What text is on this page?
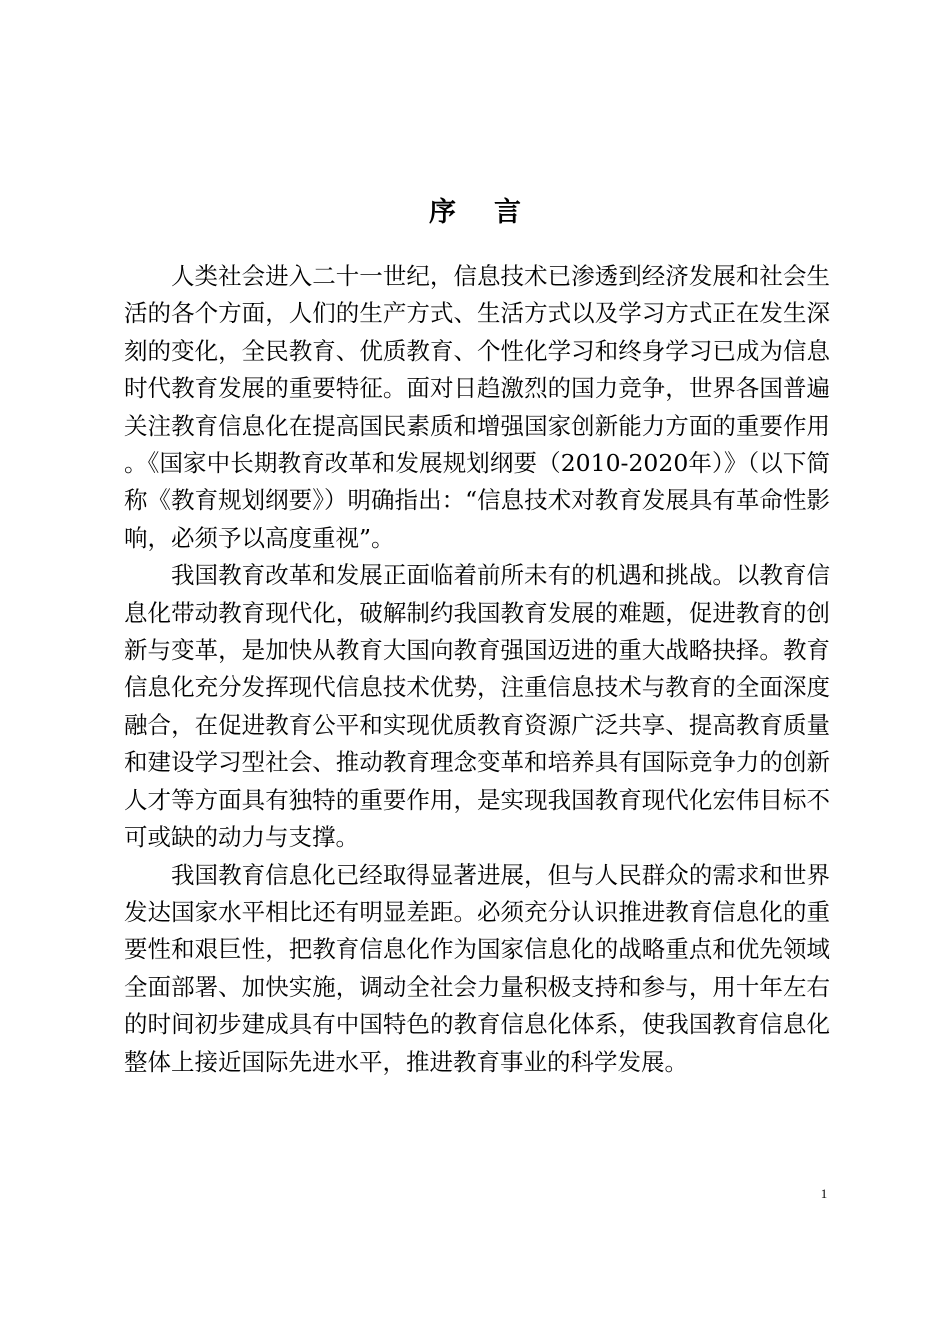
序言

人类社会进入二十一世纪，信息技术已渗透到经济发展和社会生活的各个方面，人们的生产方式、生活方式以及学习方式正在发生深刻的变化，全民教育、优质教育、个性化学习和终身学习已成为信息时代教育发展的重要特征。面对日趋激烈的国力竞争，世界各国普遍关注教育信息化在提高国民素质和增强国家创新能力方面的重要作用。《国家中长期教育改革和发展规划纲要（2010-2020年）》（以下简称《教育规划纲要》）明确指出：“信息技术对教育发展具有革命性影响，必须予以高度重视”。

我国教育改革和发展正面临着前所未有的机遇和挑战。以教育信息化带动教育现代化，破解制约我国教育发展的难题，促进教育的创新与变革，是加快从教育大国向教育强国迈进的重大战略抉择。教育信息化充分发挥现代信息技术优势，注重信息技术与教育的全面深度融合，在促进教育公平和实现优质教育资源广泛共享、提高教育质量和建设学习型社会、推动教育理念变革和培养具有国际竞争力的创新人才等方面具有独特的重要作用，是实现我国教育现代化宏伟目标不可或缺的动力与支撑。

我国教育信息化已经取得显著进展，但与人民群众的需求和世界发达国家水平相比还有明显差距。必须充分认识推进教育信息化的重要性和艰巨性，把教育信息化作为国家信息化的战略重点和优先领域全面部署、加快实施，调动全社会力量积极支持和参与，用十年左右的时间初步建成具有中国特色的教育信息化体系，使我国教育信息化整体上接近国际先进水平，推进教育事业的科学发展。

1
